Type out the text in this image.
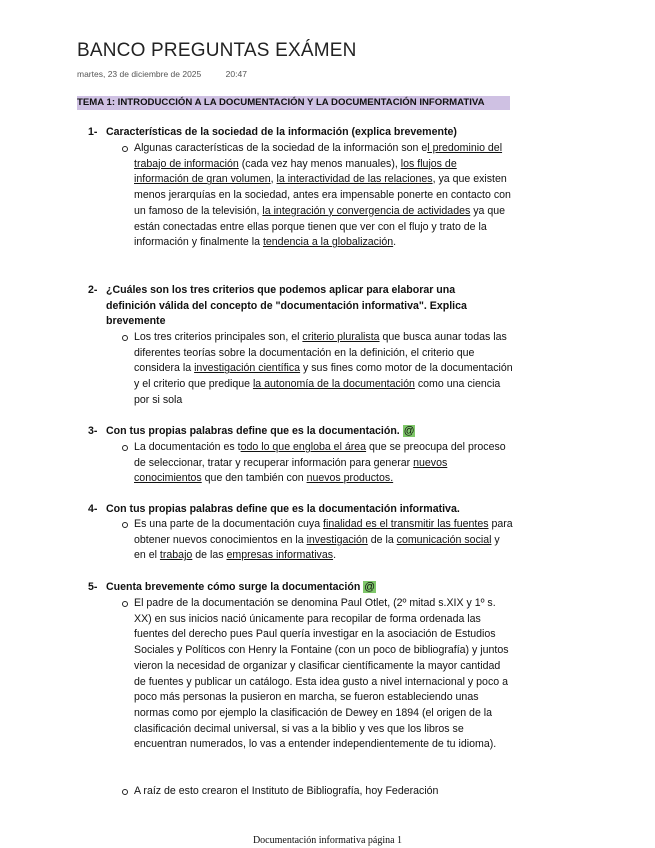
BANCO PREGUNTAS EXÁMEN
martes, 23 de diciembre de 2025	20:47
TEMA 1: INTRODUCCIÓN A LA DOCUMENTACIÓN Y LA DOCUMENTACIÓN INFORMATIVA
1- Características de la sociedad de la información (explica brevemente)
Algunas características de la sociedad de la información son el predominio del trabajo de información (cada vez hay menos manuales), los flujos de información de gran volumen, la interactividad de las relaciones, ya que existen menos jerarquías en la sociedad, antes era impensable ponerte en contacto con un famoso de la televisión, la integración y convergencia de actividades ya que están conectadas entre ellas porque tienen que ver con el flujo y trato de la información y finalmente la tendencia a la globalización.
2- ¿Cuáles son los tres criterios que podemos aplicar para elaborar una definición válida del concepto de "documentación informativa". Explica brevemente
Los tres criterios principales son, el criterio pluralista que busca aunar todas las diferentes teorías sobre la documentación en la definición, el criterio que considera la investigación científica y sus fines como motor de la documentación y el criterio que predique la autonomía de la documentación como una ciencia por si sola
3- Con tus propias palabras define que es la documentación. @
La documentación es todo lo que engloba el área que se preocupa del proceso de seleccionar, tratar y recuperar información para generar nuevos conocimientos que den también con nuevos productos.
4- Con tus propias palabras define que es la documentación informativa.
Es una parte de la documentación cuya finalidad es el transmitir las fuentes para obtener nuevos conocimientos en la investigación de la comunicación social y en el trabajo de las empresas informativas.
5- Cuenta brevemente cómo surge la documentación @
El padre de la documentación se denomina Paul Otlet, (2º mitad s.XIX y 1º s. XX) en sus inicios nació únicamente para recopilar de forma ordenada las fuentes del derecho pues Paul quería investigar en la asociación de Estudios Sociales y Políticos con Henry la Fontaine (con un poco de bibliografía) y juntos vieron la necesidad de organizar y clasificar científicamente la mayor cantidad de fuentes y publicar un catálogo. Esta idea gusto a nivel internacional y poco a poco más personas la pusieron en marcha, se fueron estableciendo unas normas como por ejemplo la clasificación de Dewey en 1894 (el origen de la clasificación decimal universal, si vas a la biblio y ves que los libros se encuentran numerados, lo vas a entender independientemente de tu idioma).
A raíz de esto crearon el Instituto de Bibliografía, hoy Federación
Documentación informativa página 1
